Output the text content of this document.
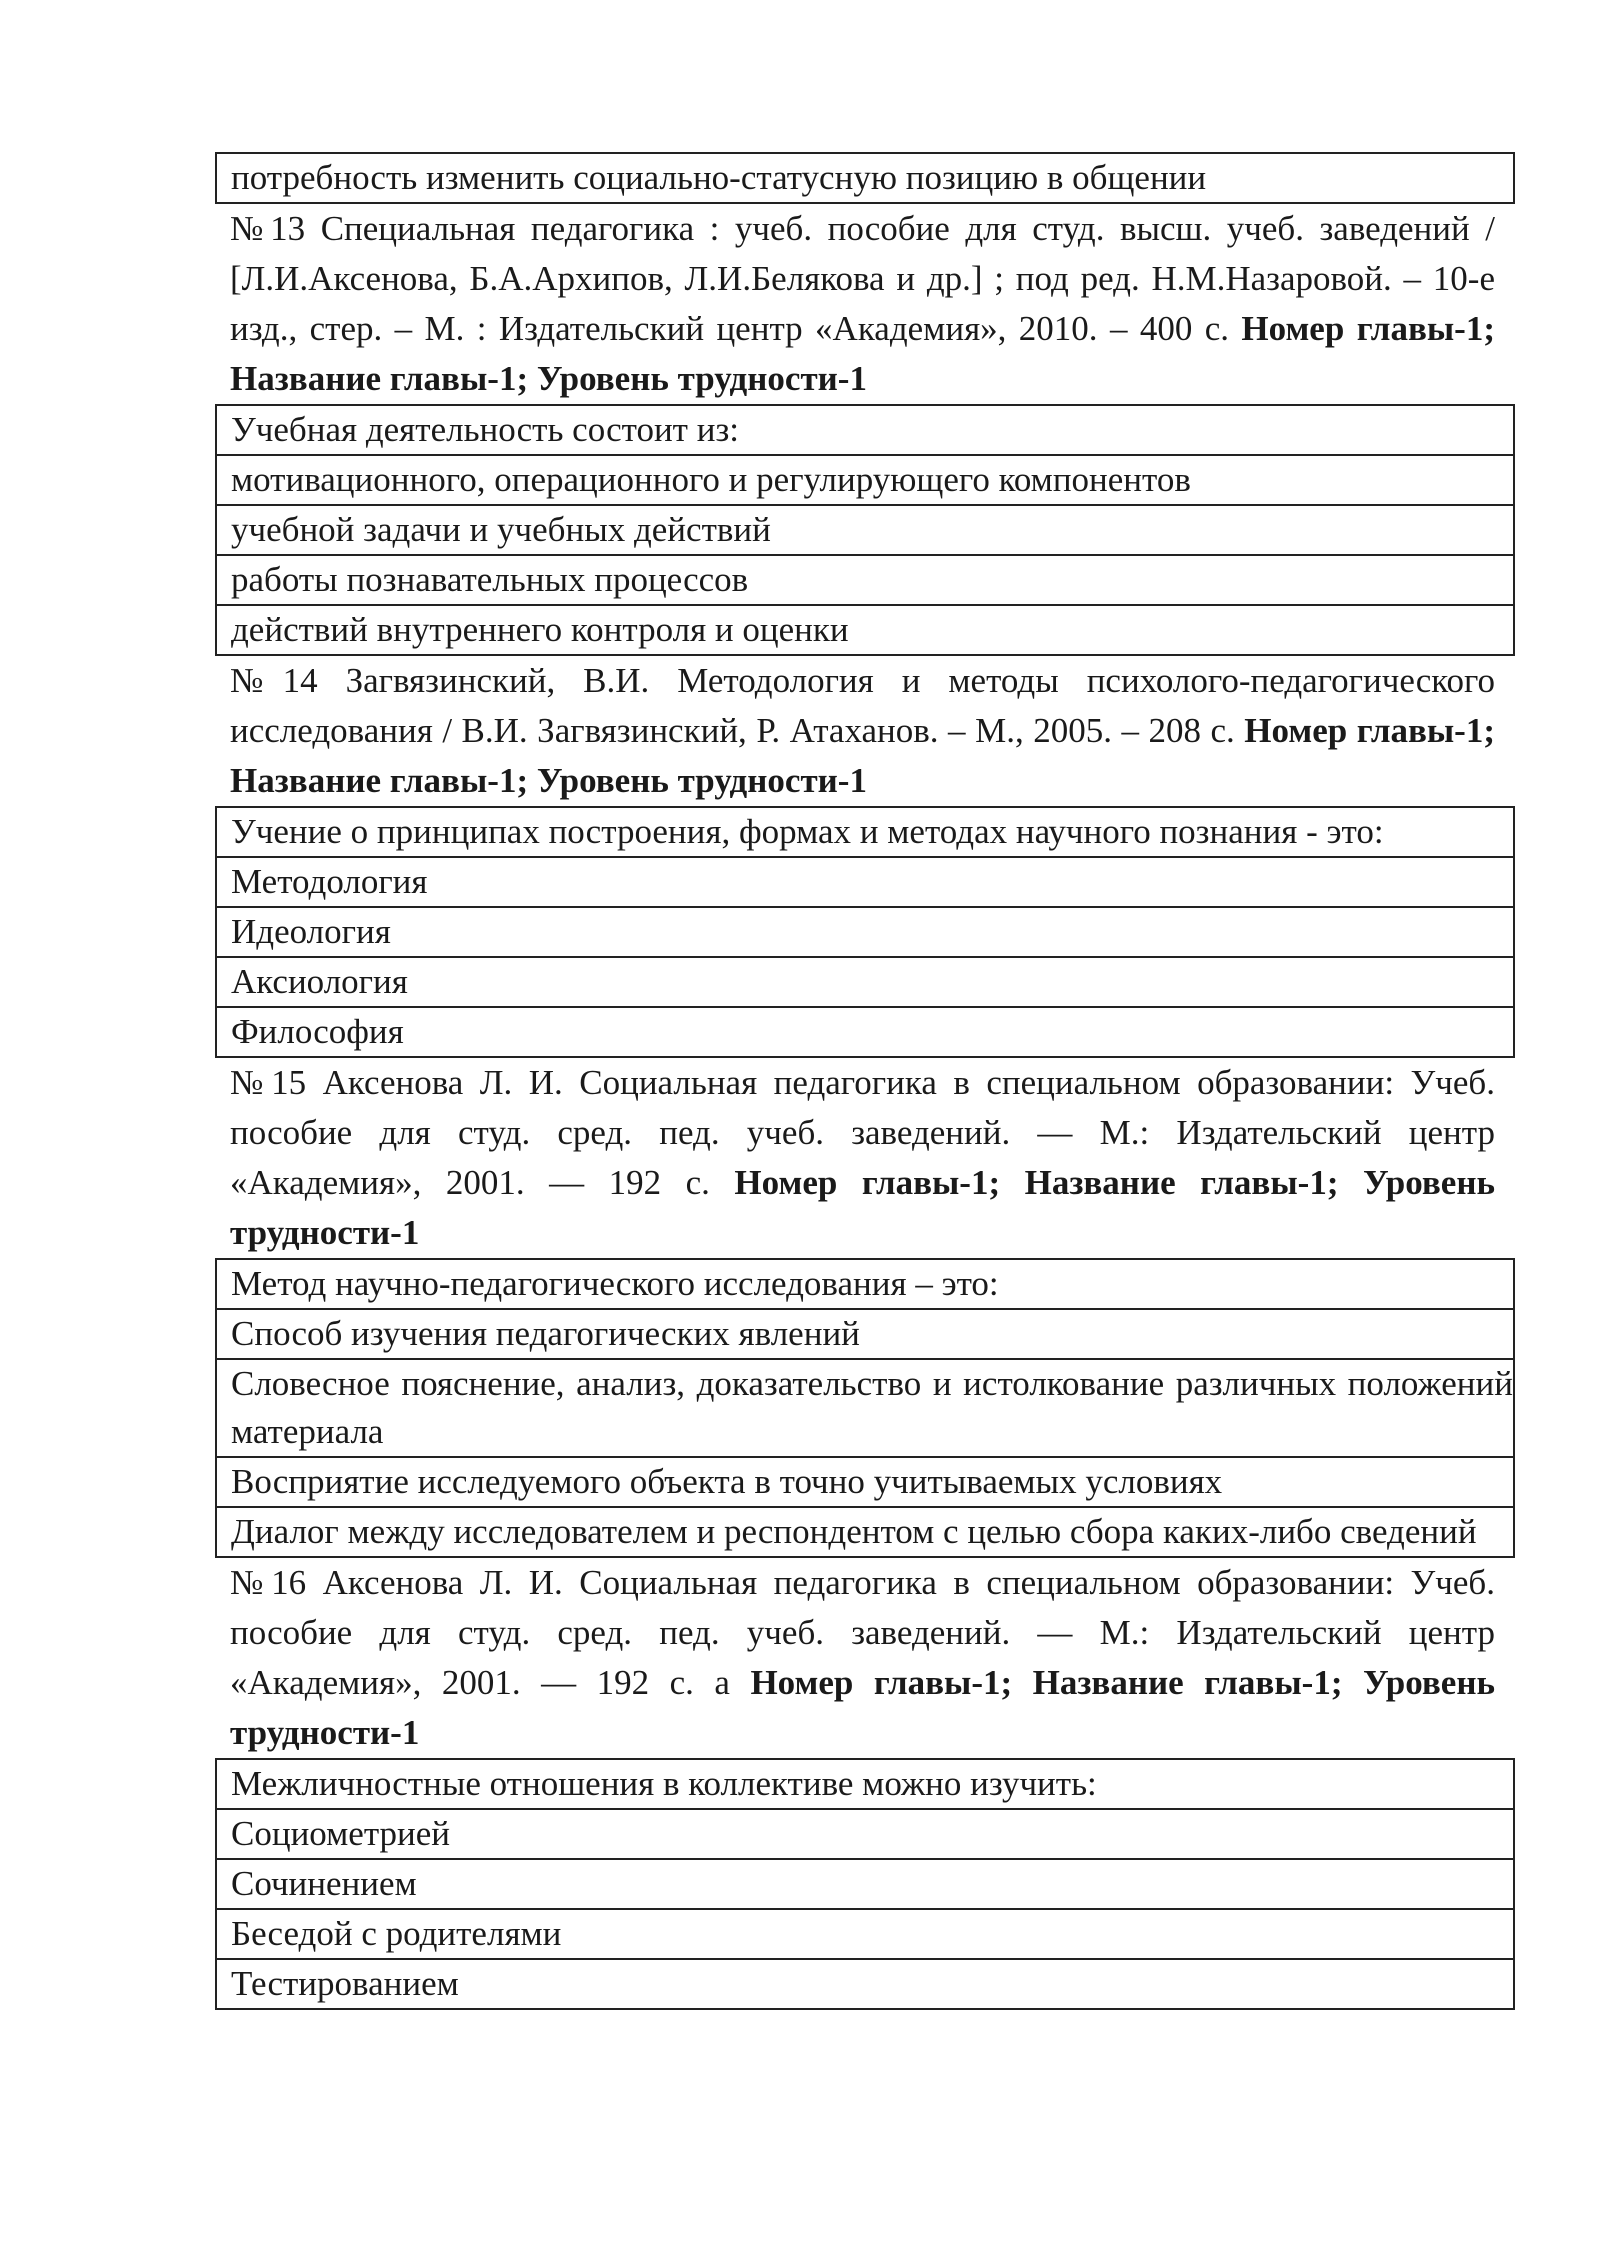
потребность изменить социально-статусную позицию в общении

№13 Специальная педагогика : учеб. пособие для студ. высш. учеб. заведений / [Л.И.Аксенова, Б.А.Архипов, Л.И.Белякова и др.] ; под ред. Н.М.Назаровой. – 10-е изд., стер. – М. : Издательский центр «Академия», 2010. – 400 с. Номер главы-1; Название главы-1; Уровень трудности-1

Учебная деятельность состоит из:
мотивационного, операционного и регулирующего компонентов
учебной задачи и учебных действий
работы познавательных процессов
действий внутреннего контроля и оценки

№14 Загвязинский, В.И. Методология и методы психолого-педагогического исследования / В.И. Загвязинский, Р. Атаханов. – М., 2005. – 208 с. Номер главы-1; Название главы-1; Уровень трудности-1

Учение о принципах построения, формах и методах научного познания - это:
Методология
Идеология
Аксиология
Философия

№15 Аксенова Л. И. Социальная педагогика в специальном образовании: Учеб. пособие для студ. сред. пед. учеб. заведений. — М.: Издательский центр «Академия», 2001. — 192 с. Номер главы-1; Название главы-1; Уровень трудности-1

Метод научно-педагогического исследования – это:
Способ изучения педагогических явлений
Словесное пояснение, анализ, доказательство и истолкование различных положений материала
Восприятие исследуемого объекта в точно учитываемых условиях
Диалог между исследователем и респондентом с целью сбора каких-либо сведений

№16 Аксенова Л. И. Социальная педагогика в специальном образовании: Учеб. пособие для студ. сред. пед. учеб. заведений. — М.: Издательский центр «Академия», 2001. — 192 с. а Номер главы-1; Название главы-1; Уровень трудности-1

Межличностные отношения в коллективе можно изучить:
Социометрией
Сочинением
Беседой с родителями
Тестированием
